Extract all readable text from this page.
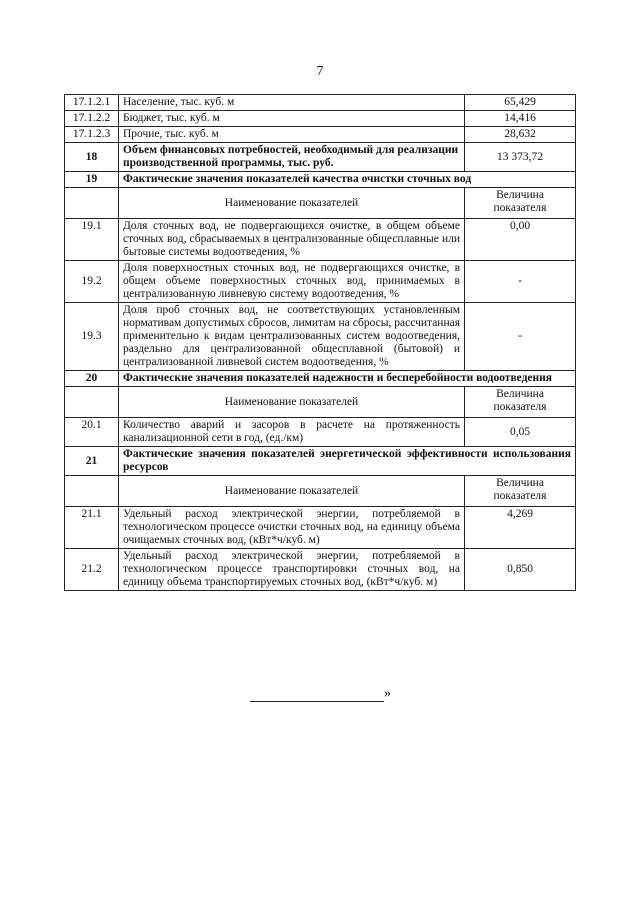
7
17.1.2.1	Население, тыс. куб. м	65,429
17.1.2.2	Бюджет, тыс. куб. м	14,416
17.1.2.3	Прочие, тыс. куб. м	28,632
18	Объем финансовых потребностей, необходимый для реализации производственной программы, тыс. руб.	13 373,72
19	Фактические значения показателей качества очистки сточных вод	
	Наименование показателей	Величина показателя
19.1	Доля сточных вод, не подвергающихся очистке, в общем объеме сточных вод, сбрасываемых в централизованные общесплавные или бытовые системы водоотведения, %	0,00
19.2	Доля поверхностных сточных вод, не подвергающихся очистке, в общем объеме поверхностных сточных вод, принимаемых в централизованную ливневую систему водоотведения, %	-
19.3	Доля проб сточных вод, не соответствующих установленным нормативам допустимых сбросов, лимитам на сбросы, рассчитанная применительно к видам централизованных систем водоотведения, раздельно для централизованной общесплавной (бытовой) и централизованной ливневой систем водоотведения, %	-
20	Фактические значения показателей надежности и бесперебойности водоотведения	
	Наименование показателей	Величина показателя
20.1	Количество аварий и засоров в расчете на протяженность канализационной сети в год, (ед./км)	0,05
21	Фактические значения показателей энергетической эффективности использования ресурсов	
	Наименование показателей	Величина показателя
21.1	Удельный расход электрической энергии, потребляемой в технологическом процессе очистки сточных вод, на единицу объема очищаемых сточных вод, (кВт*ч/куб. м)	4,269
21.2	Удельный расход электрической энергии, потребляемой в технологическом процессе транспортировки сточных вод, на единицу объема транспортируемых сточных вод, (кВт*ч/куб. м)	0,850
»
